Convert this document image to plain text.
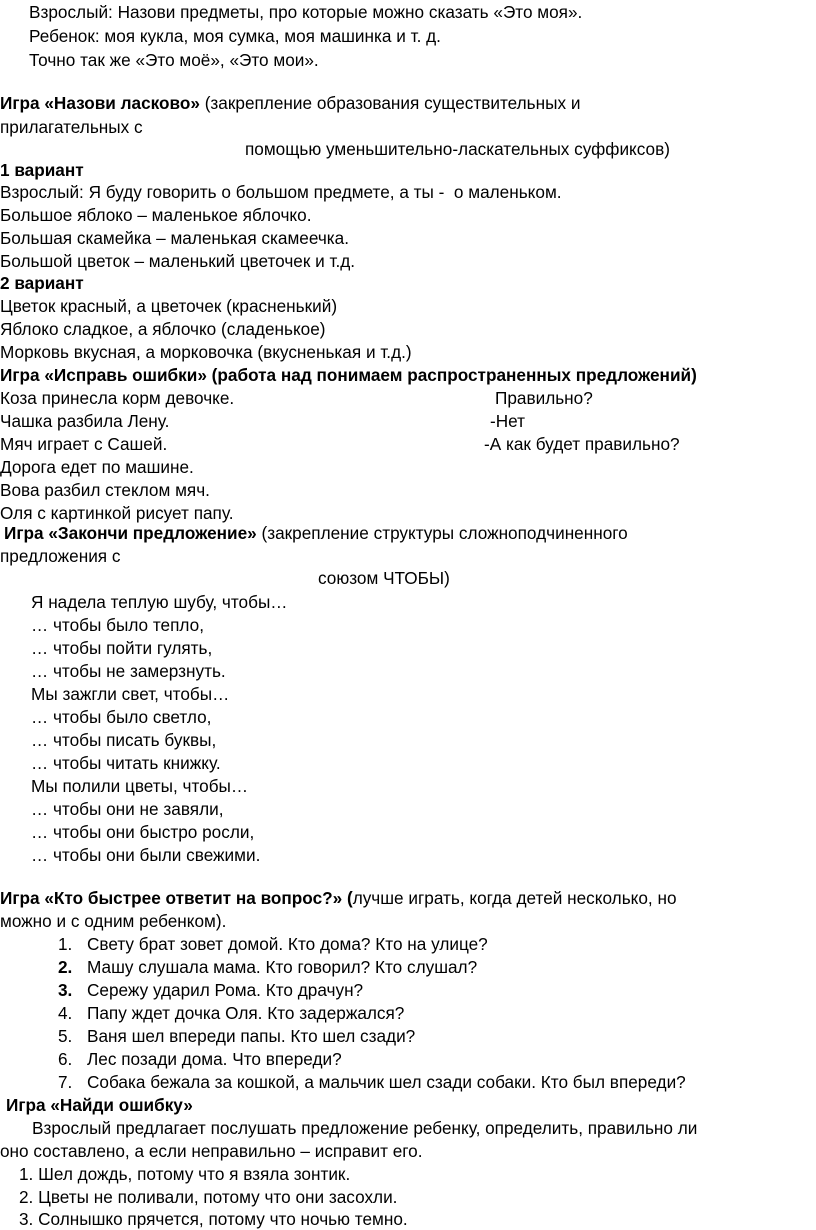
Взрослый: Назови предметы, про которые можно сказать «Это моя».

Ребенок: моя кукла, моя сумка, моя машинка и т. д.

Точно так же «Это моё», «Это мои».

Игра «Назови ласково» (закрепление образования существительных и

прилагательных с

помощью уменьшительно-ласкательных суффиксов)

1 вариант

Взрослый: Я буду говорить о большом предмете, а ты -  о маленьком.

Большое яблоко – маленькое яблочко.

Большая скамейка – маленькая скамеечка.

Большой цветок – маленький цветочек и т.д.

2 вариант

Цветок красный, а цветочек (красненький)

Яблоко сладкое, а яблочко (сладенькое)

Морковь вкусная, а морковочка (вкусненькая и т.д.)

Игра «Исправь ошибки» (работа над понимаем распространенных предложений)

Коза принесла корм девочке.	Правильно?

Чашка разбила Лену.	-Нет

Мяч играет с Сашей.	-А как будет правильно?

Дорога едет по машине.

Вова разбил стеклом мяч.

Оля с картинкой рисует папу.

Игра «Закончи предложение» (закрепление структуры сложноподчиненного

предложения с

союзом ЧТОБЫ)

Я надела теплую шубу, чтобы…

… чтобы было тепло,

… чтобы пойти гулять,

… чтобы не замерзнуть.

Мы зажгли свет, чтобы…

… чтобы было светло,

… чтобы писать буквы,

… чтобы читать книжку.

Мы полили цветы, чтобы…

… чтобы они не завяли,

… чтобы они быстро росли,

… чтобы они были свежими.

Игра «Кто быстрее ответит на вопрос?» (лучше играть, когда детей несколько, но

можно и с одним ребенком).

1. Свету брат зовет домой. Кто дома? Кто на улице?
2. Машу слушала мама. Кто говорил? Кто слушал?
3. Сережу ударил Рома. Кто драчун?
4. Папу ждет дочка Оля. Кто задержался?
5. Ваня шел впереди папы. Кто шел сзади?
6. Лес позади дома. Что впереди?
7. Собака бежала за кошкой, а мальчик шел сзади собаки. Кто был впереди?

Игра «Найди ошибку»

Взрослый предлагает послушать предложение ребенку, определить, правильно ли

оно составлено, а если неправильно – исправит его.

1. Шел дождь, потому что я взяла зонтик.

2. Цветы не поливали, потому что они засохли.

3. Солнышко прячется, потому что ночью темно.
